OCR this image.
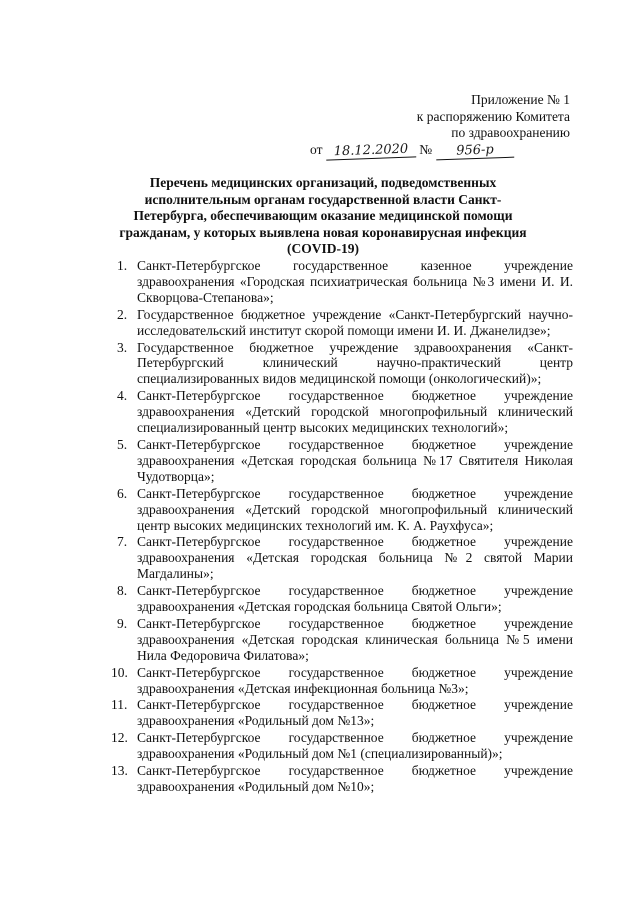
Приложение № 1
к распоряжению Комитета
по здравоохранению
от 18.12.2020 № 956-р
Перечень медицинских организаций, подведомственных исполнительным органам государственной власти Санкт-Петербурга, обеспечивающим оказание медицинской помощи гражданам, у которых выявлена новая коронавирусная инфекция (COVID-19)
1. Санкт-Петербургское государственное казенное учреждение здравоохранения «Городская психиатрическая больница №3 имени И. И. Скворцова-Степанова»;
2. Государственное бюджетное учреждение «Санкт-Петербургский научно-исследовательский институт скорой помощи имени И. И. Джанелидзе»;
3. Государственное бюджетное учреждение здравоохранения «Санкт-Петербургский клинический научно-практический центр специализированных видов медицинской помощи (онкологический)»;
4. Санкт-Петербургское государственное бюджетное учреждение здравоохранения «Детский городской многопрофильный клинический специализированный центр высоких медицинских технологий»;
5. Санкт-Петербургское государственное бюджетное учреждение здравоохранения «Детская городская больница №17 Святителя Николая Чудотворца»;
6. Санкт-Петербургское государственное бюджетное учреждение здравоохранения «Детский городской многопрофильный клинический центр высоких медицинских технологий им. К. А. Раухфуса»;
7. Санкт-Петербургское государственное бюджетное учреждение здравоохранения «Детская городская больница №2 святой Марии Магдалины»;
8. Санкт-Петербургское государственное бюджетное учреждение здравоохранения «Детская городская больница Святой Ольги»;
9. Санкт-Петербургское государственное бюджетное учреждение здравоохранения «Детская городская клиническая больница №5 имени Нила Федоровича Филатова»;
10. Санкт-Петербургское государственное бюджетное учреждение здравоохранения «Детская инфекционная больница №3»;
11. Санкт-Петербургское государственное бюджетное учреждение здравоохранения «Родильный дом №13»;
12. Санкт-Петербургское государственное бюджетное учреждение здравоохранения «Родильный дом №1 (специализированный)»;
13. Санкт-Петербургское государственное бюджетное учреждение здравоохранения «Родильный дом №10»;
